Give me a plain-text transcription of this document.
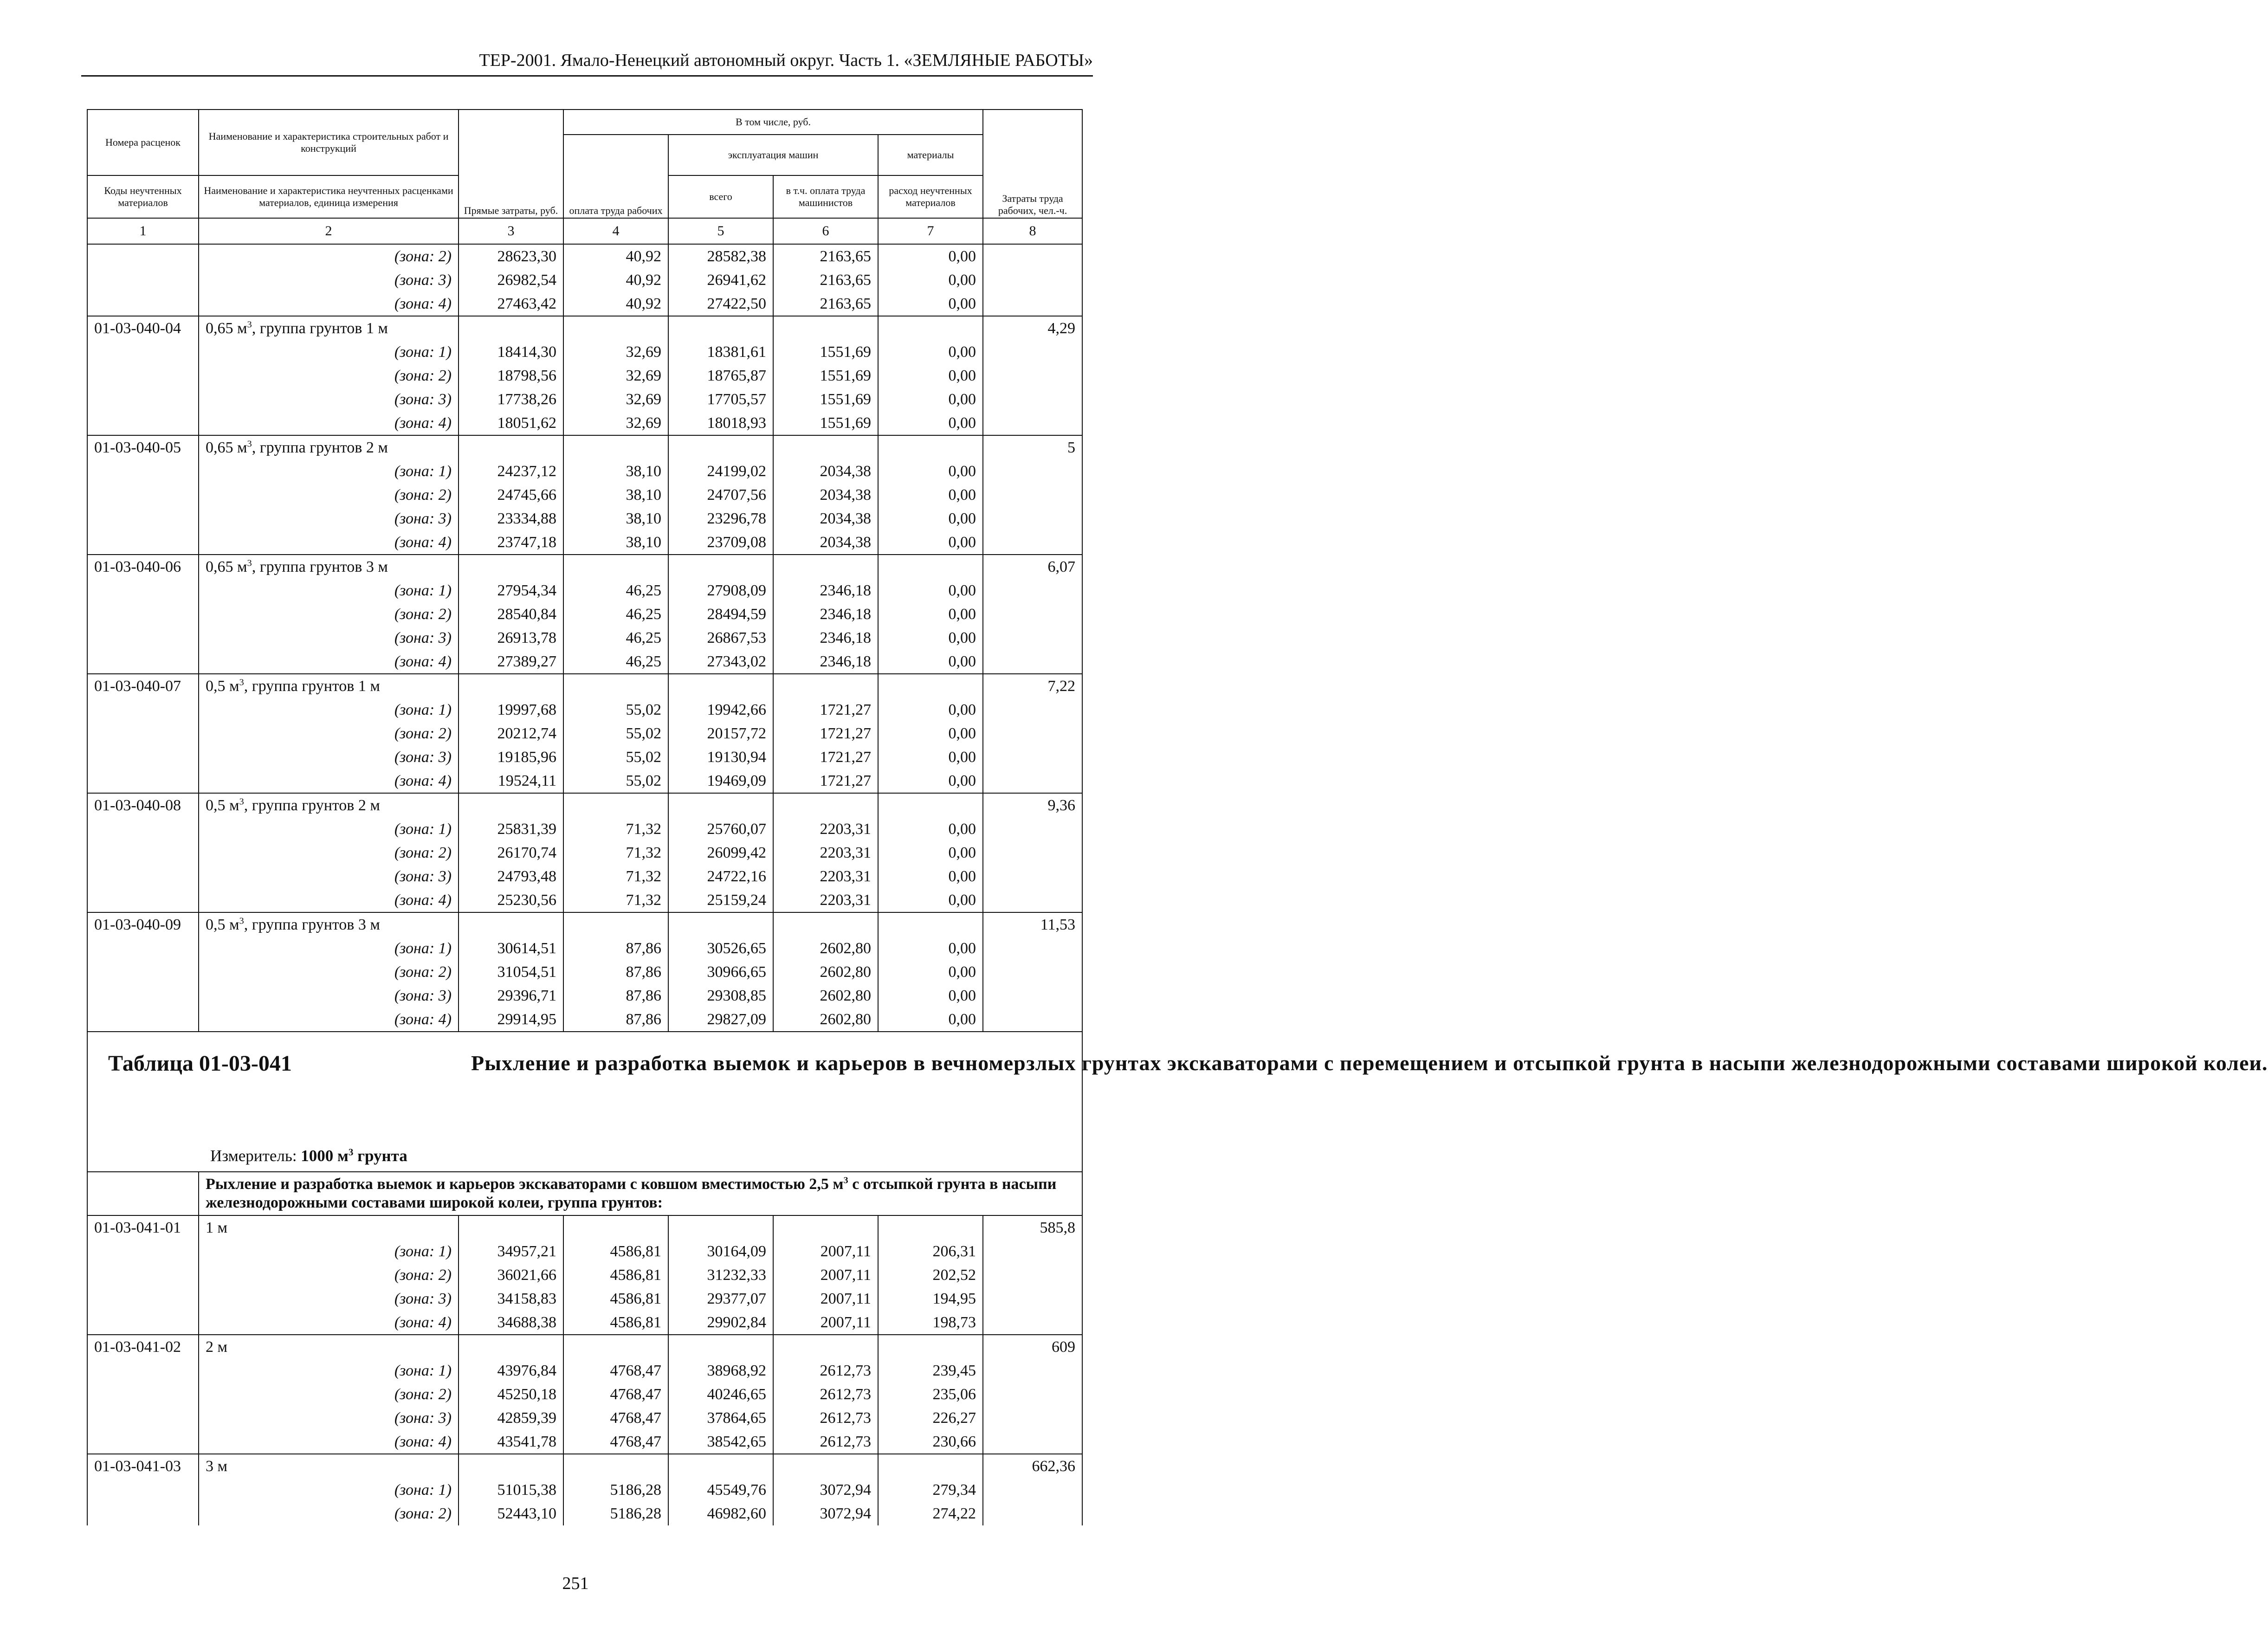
ТЕР-2001. Ямало-Ненецкий автономный округ. Часть 1. «ЗЕМЛЯНЫЕ РАБОТЫ»
Номера расценок	Наименование и характеристика строительных работ и конструкций	Прямые затраты, руб.	В том числе, руб.				Затраты труда рабочих, чел.-ч.
			оплата труда рабочих	эксплуатация машин		материалы	
Коды неучтенных материалов	Наименование и характеристика неучтенных расценками материалов, единица измерения			всего	в т.ч. оплата труда машинистов	расход неучтенных материалов	
1	2	3	4	5	6	7	8
	(зона: 2)	28623,30	40,92	28582,38	2163,65	0,00	
	(зона: 3)	26982,54	40,92	26941,62	2163,65	0,00	
	(зона: 4)	27463,42	40,92	27422,50	2163,65	0,00	
01-03-040-04	0,65 $м^3$, группа грунтов 1 м						4,29
	(зона: 1)	18414,30	32,69	18381,61	1551,69	0,00	
	(зона: 2)	18798,56	32,69	18765,87	1551,69	0,00	
	(зона: 3)	17738,26	32,69	17705,57	1551,69	0,00	
	(зона: 4)	18051,62	32,69	18018,93	1551,69	0,00	
01-03-040-05	0,65 $м^3$, группа грунтов 2 м						5
	(зона: 1)	24237,12	38,10	24199,02	2034,38	0,00	
	(зона: 2)	24745,66	38,10	24707,56	2034,38	0,00	
	(зона: 3)	23334,88	38,10	23296,78	2034,38	0,00	
	(зона: 4)	23747,18	38,10	23709,08	2034,38	0,00	
01-03-040-06	0,65 $м^3$, группа грунтов 3 м						6,07
	(зона: 1)	27954,34	46,25	27908,09	2346,18	0,00	
	(зона: 2)	28540,84	46,25	28494,59	2346,18	0,00	
	(зона: 3)	26913,78	46,25	26867,53	2346,18	0,00	
	(зона: 4)	27389,27	46,25	27343,02	2346,18	0,00	
01-03-040-07	0,5 $м^3$, группа грунтов 1 м						7,22
	(зона: 1)	19997,68	55,02	19942,66	1721,27	0,00	
	(зона: 2)	20212,74	55,02	20157,72	1721,27	0,00	
	(зона: 3)	19185,96	55,02	19130,94	1721,27	0,00	
	(зона: 4)	19524,11	55,02	19469,09	1721,27	0,00	
01-03-040-08	0,5 $м^3$, группа грунтов 2 м						9,36
	(зона: 1)	25831,39	71,32	25760,07	2203,31	0,00	
	(зона: 2)	26170,74	71,32	26099,42	2203,31	0,00	
	(зона: 3)	24793,48	71,32	24722,16	2203,31	0,00	
	(зона: 4)	25230,56	71,32	25159,24	2203,31	0,00	
01-03-040-09	0,5 $м^3$, группа грунтов 3 м						11,53
	(зона: 1)	30614,51	87,86	30526,65	2602,80	0,00	
	(зона: 2)	31054,51	87,86	30966,65	2602,80	0,00	
	(зона: 3)	29396,71	87,86	29308,85	2602,80	0,00	
	(зона: 4)	29914,95	87,86	29827,09	2602,80	0,00	

Таблица 01-03-041 Рыхление и разработка выемок и карьеров в вечномерзлых грунтах экскаваторами с перемещением и отсыпкой грунта в насыпи железнодорожными составами широкой колеи.
Измеритель: 1000 $м^3$ грунта							

	Рыхление и разработка выемок и карьеров экскаваторами с ковшом вместимостью 2,5 $м^3$ с отсыпкой грунта в насыпи железнодорожными составами широкой колеи, группа грунтов:						
01-03-041-01	1 м						585,8
	(зона: 1)	34957,21	4586,81	30164,09	2007,11	206,31	
	(зона: 2)	36021,66	4586,81	31232,33	2007,11	202,52	
	(зона: 3)	34158,83	4586,81	29377,07	2007,11	194,95	
	(зона: 4)	34688,38	4586,81	29902,84	2007,11	198,73	
01-03-041-02	2 м						609
	(зона: 1)	43976,84	4768,47	38968,92	2612,73	239,45	
	(зона: 2)	45250,18	4768,47	40246,65	2612,73	235,06	
	(зона: 3)	42859,39	4768,47	37864,65	2612,73	226,27	
	(зона: 4)	43541,78	4768,47	38542,65	2612,73	230,66	
01-03-041-03	3 м						662,36
	(зона: 1)	51015,38	5186,28	45549,76	3072,94	279,34	
	(зона: 2)	52443,10	5186,28	46982,60	3072,94	274,22	
251
